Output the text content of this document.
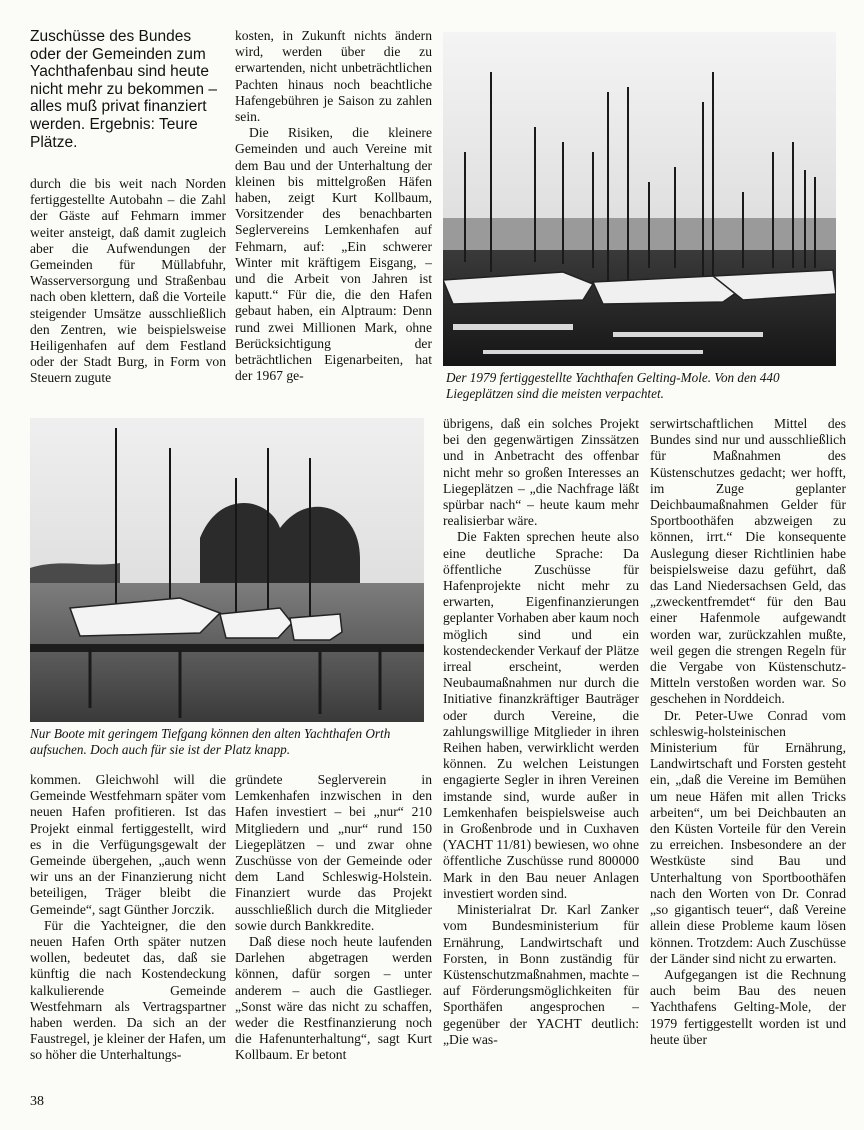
Zuschüsse des Bundes oder der Gemeinden zum Yachthafenbau sind heute nicht mehr zu bekommen – alles muß privat finanziert werden. Ergebnis: Teure Plätze.

durch die bis weit nach Norden fertiggestellte Autobahn – die Zahl der Gäste auf Fehmarn immer weiter ansteigt, daß damit zugleich aber die Aufwendungen der Gemeinden für Müllabfuhr, Wasserversorgung und Straßenbau nach oben klettern, daß die Vorteile steigender Umsätze ausschließlich den Zentren, wie beispielsweise Heiligenhafen auf dem Festland oder der Stadt Burg, in Form von Steuern zugute

kosten, in Zukunft nichts ändern wird, werden über die zu erwartenden, nicht unbeträchtlichen Pachten hinaus noch beachtliche Hafengebühren je Saison zu zahlen sein.

Die Risiken, die kleinere Gemeinden und auch Vereine mit dem Bau und der Unterhaltung der kleinen bis mittelgroßen Häfen haben, zeigt Kurt Kollbaum, Vorsitzender des benachbarten Seglervereins Lemkenhafen auf Fehmarn, auf: „Ein schwerer Winter mit kräftigem Eisgang, – und die Arbeit von Jahren ist kaputt.“ Für die, die den Hafen gebaut haben, ein Alptraum: Denn rund zwei Millionen Mark, ohne Berücksichtigung der beträchtlichen Eigenarbeiten, hat der 1967 ge-	Der 1979 fertiggestellte Yachthafen Gelting-Mole. Von den 440 Liegeplätzen sind die meisten verpachtet.
Nur Boote mit geringem Tiefgang können den alten Yachthafen Orth aufsuchen. Doch auch für sie ist der Platz knapp.

übrigens, daß ein solches Projekt bei den gegenwärtigen Zinssätzen und in Anbetracht des offenbar nicht mehr so großen Interesses an Liegeplätzen – „die Nachfrage läßt spürbar nach“ – heute kaum mehr realisierbar wäre.

Die Fakten sprechen heute also eine deutliche Sprache: Da öffentliche Zuschüsse für Hafenprojekte nicht mehr zu erwarten, Eigenfinanzierungen geplanter Vorhaben aber kaum noch möglich sind und ein kostendeckender Verkauf der Plätze irreal erscheint, werden Neubaumaßnahmen nur durch die Initiative finanzkräftiger Bauträger oder durch Vereine, die zahlungswillige Mitglieder in ihren Reihen haben, verwirklicht werden können. Zu welchen Leistungen engagierte Segler in ihren Vereinen imstande sind, wurde außer in Lemkenhafen beispielsweise auch in Großenbrode und in Cuxhaven (YACHT 11/81) bewiesen, wo ohne öffentliche Zuschüsse rund 800000 Mark in den Bau neuer Anlagen investiert worden sind.

Ministerialrat Dr. Karl Zanker vom Bundesministerium für Ernährung, Landwirtschaft und Forsten, in Bonn zuständig für Küstenschutzmaßnahmen, machte – auf Förderungsmöglichkeiten für Sporthäfen angesprochen – gegenüber der YACHT deutlich: „Die was-

serwirtschaftlichen Mittel des Bundes sind nur und ausschließlich für Maßnahmen des Küstenschutzes gedacht; wer hofft, im Zuge geplanter Deichbaumaßnahmen Gelder für Sportboothäfen abzweigen zu können, irrt.“ Die konsequente Auslegung dieser Richtlinien habe beispielsweise dazu geführt, daß das Land Niedersachsen Geld, das „zweckentfremdet“ für den Bau einer Hafenmole aufgewandt worden war, zurückzahlen mußte, weil gegen die strengen Regeln für die Vergabe von Küstenschutz-Mitteln verstoßen worden war. So geschehen in Norddeich.

Dr. Peter-Uwe Conrad vom schleswig-holsteinischen Ministerium für Ernährung, Landwirtschaft und Forsten gesteht ein, „daß die Vereine im Bemühen um neue Häfen mit allen Tricks arbeiten“, um bei Deichbauten an den Küsten Vorteile für den Verein zu erreichen. Insbesondere an der Westküste sind Bau und Unterhaltung von Sportboothäfen nach den Worten von Dr. Conrad „so gigantisch teuer“, daß Vereine allein diese Probleme kaum lösen können. Trotzdem: Auch Zuschüsse der Länder sind nicht zu erwarten.

Aufgegangen ist die Rechnung auch beim Bau des neuen Yachthafens Gelting-Mole, der 1979 fertiggestellt worden ist und heute über

kommen. Gleichwohl will die Gemeinde Westfehmarn später vom neuen Hafen profitieren. Ist das Projekt einmal fertiggestellt, wird es in die Verfügungsgewalt der Gemeinde übergehen, „auch wenn wir uns an der Finanzierung nicht beteiligen, Träger bleibt die Gemeinde“, sagt Günther Jorczik.

Für die Yachteigner, die den neuen Hafen Orth später nutzen wollen, bedeutet das, daß sie künftig die nach Kostendeckung kalkulierende Gemeinde Westfehmarn als Vertragspartner haben werden. Da sich an der Faustregel, je kleiner der Hafen, um so höher die Unterhaltungs-

gründete Seglerverein in Lemkenhafen inzwischen in den Hafen investiert – bei „nur“ 210 Mitgliedern und „nur“ rund 150 Liegeplätzen – und zwar ohne Zuschüsse von der Gemeinde oder dem Land Schleswig-Holstein. Finanziert wurde das Projekt ausschließlich durch die Mitglieder sowie durch Bankkredite.

Daß diese noch heute laufenden Darlehen abgetragen werden können, dafür sorgen – unter anderem – auch die Gastlieger. „Sonst wäre das nicht zu schaffen, weder die Restfinanzierung noch die Hafenunterhaltung“, sagt Kurt Kollbaum. Er betont

38
